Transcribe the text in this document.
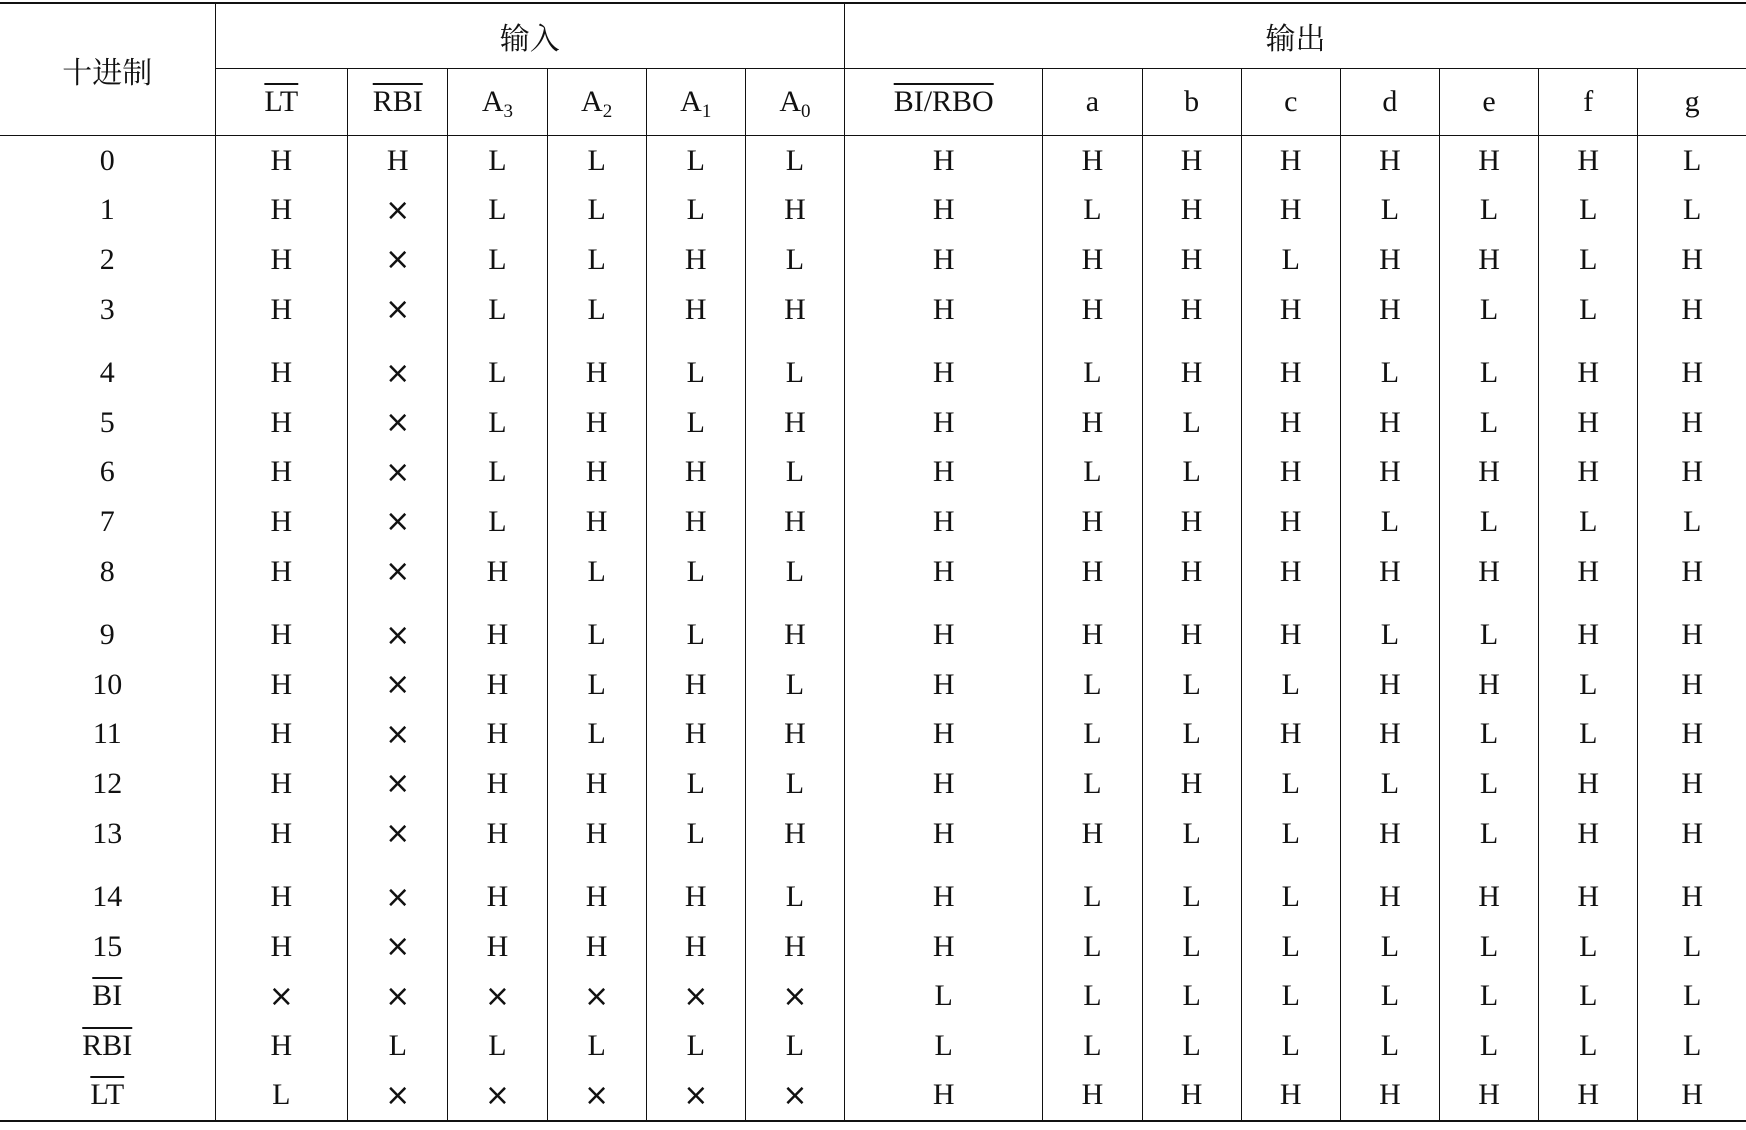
十进制	输入						输出							
	$\overline{LT}$	$\overline{RBI}$	$A_3$	$A_2$	$A_1$	$A_0$	BI/RBO	a	b	c	d	e	f	g
0	H	H	L	L	L	L	H	H	H	H	H	H	H	L
1	H	×	L	L	L	H	H	L	H	H	L	L	L	L
2	H	×	L	L	H	L	H	H	H	L	H	H	L	H
3	H	×	L	L	H	H	H	H	H	H	H	L	L	H
4	H	×	L	H	L	L	H	L	H	H	L	L	H	H
5	H	×	L	H	L	H	H	H	L	H	H	L	H	H
6	H	×	L	H	H	L	H	L	L	H	H	H	H	H
7	H	×	L	H	H	H	H	H	H	H	L	L	L	L
8	H	×	H	L	L	L	H	H	H	H	H	H	H	H
9	H	×	H	L	L	H	H	H	H	H	L	L	H	H
10	H	×	H	L	H	L	H	L	L	L	H	H	L	H
11	H	×	H	L	H	H	H	L	L	H	H	L	L	H
12	H	×	H	H	L	L	H	L	H	L	L	L	H	H
13	H	×	H	H	L	H	H	H	L	L	H	L	H	H
14	H	×	H	H	H	L	H	L	L	L	H	H	H	H
15	H	×	H	H	H	H	H	L	L	L	L	L	L	L
$\overline{BI}$	×	×	×	×	×	×	L	L	L	L	L	L	L	L
$\overline{RBI}$	H	L	L	L	L	L	L	L	L	L	L	L	L	L
$\overline{LT}$	L	×	×	×	×	×	H	H	H	H	H	H	H	H
